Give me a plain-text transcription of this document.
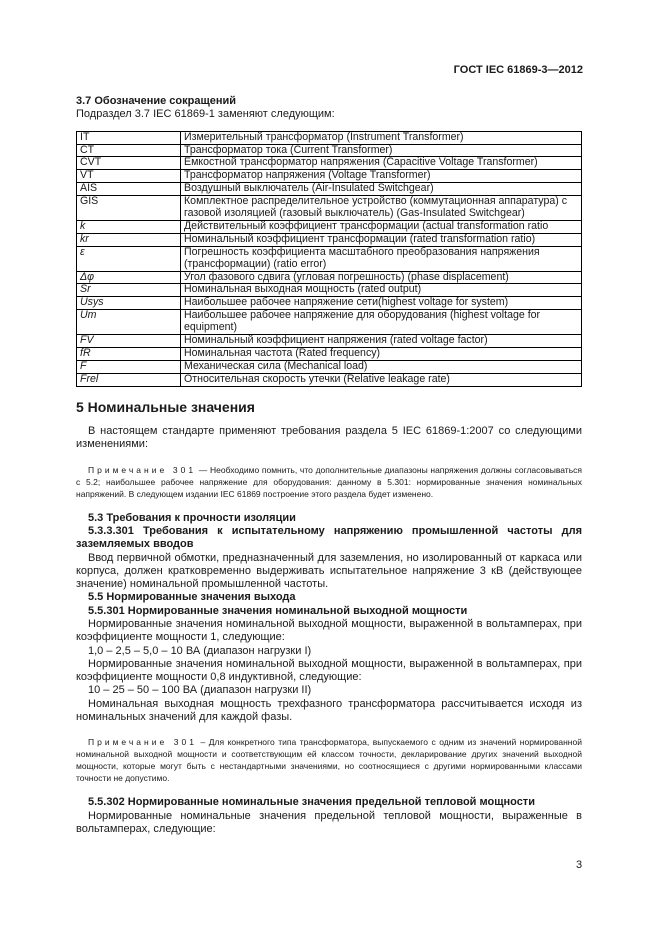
ГОСТ IEC 61869-3—2012

3.7 Обозначение сокращений

Подраздел 3.7 IEC 61869-1 заменяют следующим:

IT	Измерительный трансформатор (Instrument Transformer)
CT	Трансформатор тока (Current Transformer)
CVT	Емкостной трансформатор напряжения (Capacitive Voltage Transformer)
VT	Трансформатор напряжения (Voltage Transformer)
AIS	Воздушный выключатель (Air-Insulated Switchgear)
GIS	Комплектное распределительное устройство (коммутационная аппаратура) с газовой изоляцией (газовый выключатель) (Gas-Insulated Switchgear)
k	Действительный коэффициент трансформации (actual transformation ratio
kr	Номинальный коэффициент трансформации (rated transformation ratio)
ε	Погрешность коэффициента масштабного преобразования напряжения (трансформации) (ratio error)
Δφ	Угол фазового сдвига (угловая погрешность) (phase displacement)
Sr	Номинальная выходная мощность (rated output)
Usys	Наибольшее рабочее напряжение сети(highest voltage for system)
Um	Наибольшее рабочее напряжение для оборудования (highest voltage for equipment)
FV	Номинальный коэффициент напряжения (rated voltage factor)
fR	Номинальная частота (Rated frequency)
F	Механическая сила (Mechanical load)
Frel	Относительная скорость утечки (Relative leakage rate)
5 Номинальные значения

В настоящем стандарте применяют требования раздела 5 IEC 61869-1:2007 со следующими изменениями:

Примечание 301 — Необходимо помнить, что дополнительные диапазоны напряжения должны согласовываться с 5.2; наибольшее рабочее напряжение для оборудования: данному в 5.301: нормированные значения номинальных напряжений. В следующем издании IEC 61869 построение этого раздела будет изменено.

5.3 Требования к прочности изоляции

5.3.3.301 Требования к испытательному напряжению промышленной частоты для заземляемых вводов

Ввод первичной обмотки, предназначенный для заземления, но изолированный от каркаса или корпуса, должен кратковременно выдерживать испытательное напряжение 3 кВ (действующее значение) номинальной промышленной частоты.

5.5 Нормированные значения выхода

5.5.301 Нормированные значения номинальной выходной мощности

Нормированные значения номинальной выходной мощности, выраженной в вольтамперах, при коэффициенте мощности 1, следующие:

1,0 – 2,5 – 5,0 – 10 ВА (диапазон нагрузки I)

Нормированные значения номинальной выходной мощности, выраженной в вольтамперах, при коэффициенте мощности 0,8 индуктивной, следующие:

10 – 25 – 50 – 100 ВА (диапазон нагрузки II)

Номинальная выходная мощность трехфазного трансформатора рассчитывается исходя из номинальных значений для каждой фазы.

Примечание 301 – Для конкретного типа трансформатора, выпускаемого с одним из значений нормированной номинальной выходной мощности и соответствующим ей классом точности, декларирование других значений выходной мощности, которые могут быть с нестандартными значениями, но соотносящиеся с другими нормированными классами точности не допустимо.

5.5.302 Нормированные номинальные значения предельной тепловой мощности

Нормированные номинальные значения предельной тепловой мощности, выраженные в вольтамперах, следующие:

3
